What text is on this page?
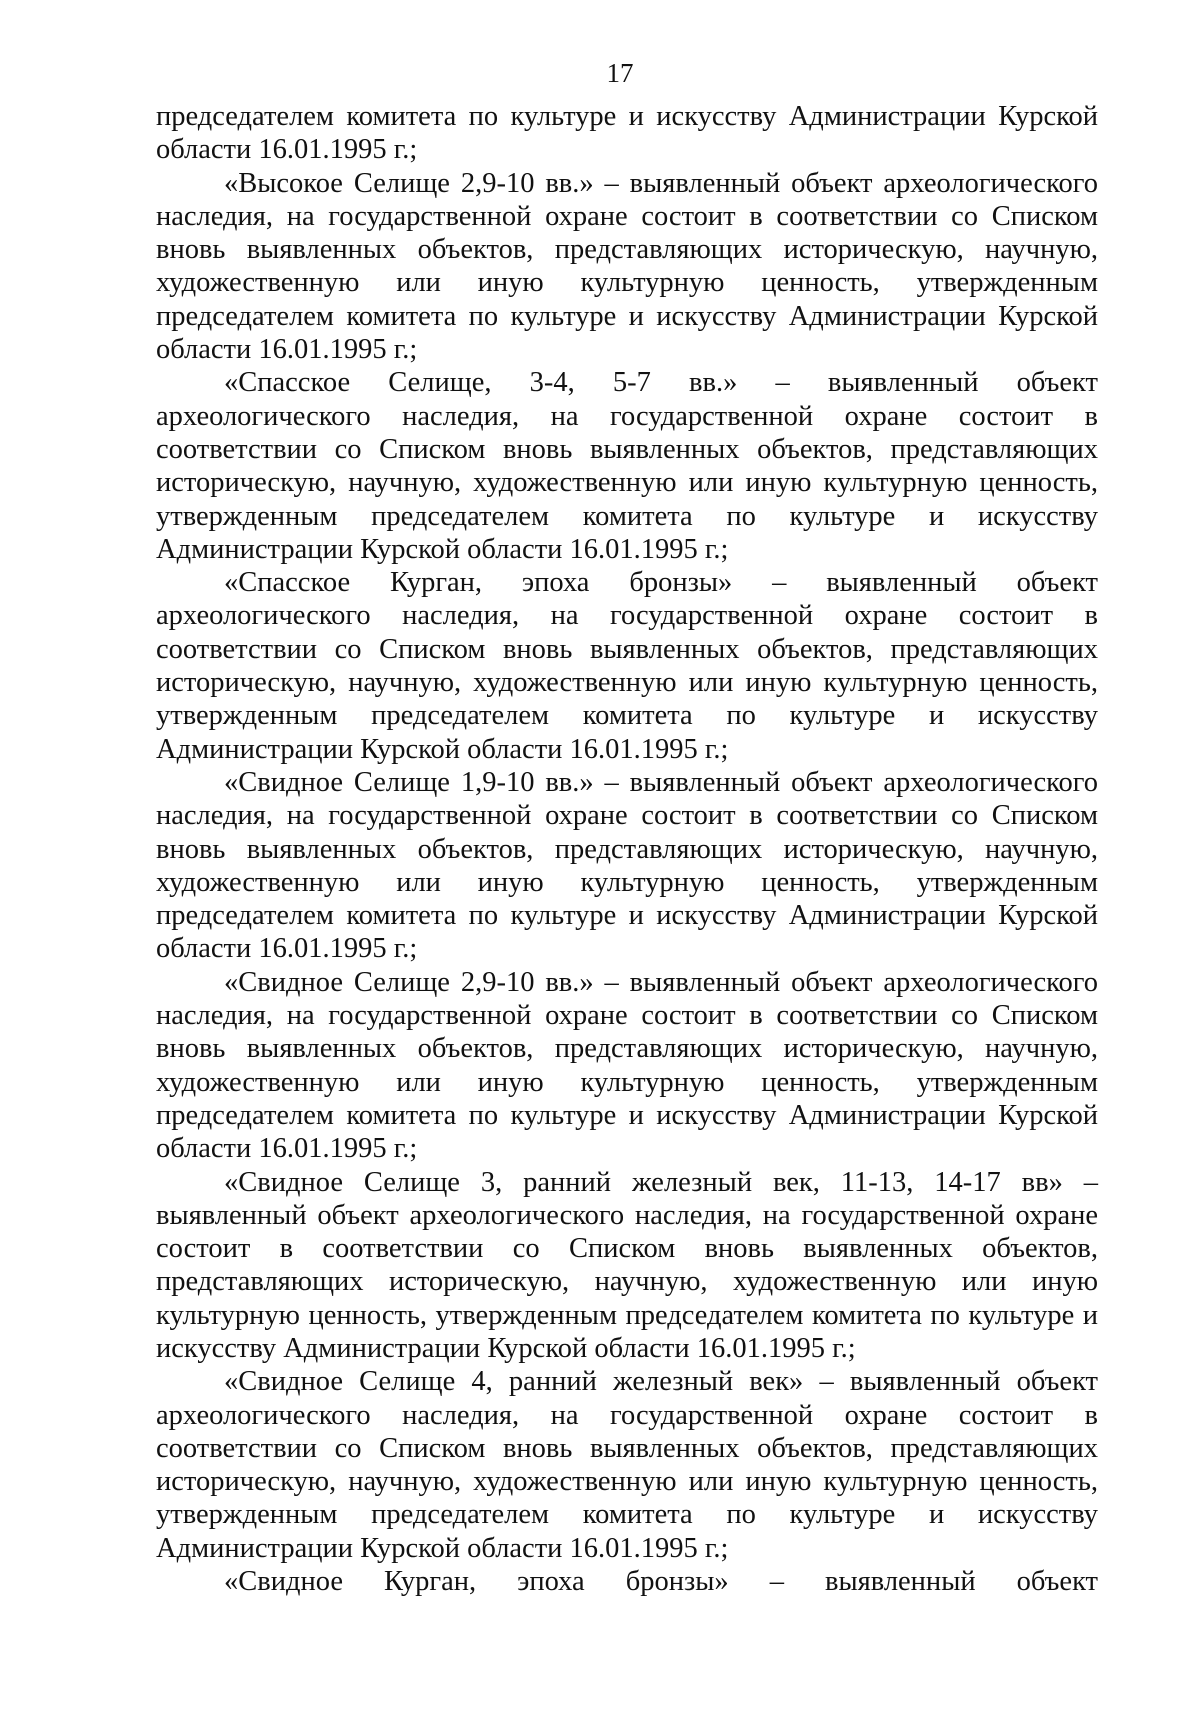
17

председателем комитета по культуре и искусству Администрации Курской области 16.01.1995 г.;

«Высокое Селище 2,9-10 вв.» – выявленный объект археологического наследия, на государственной охране состоит в соответствии со Списком вновь выявленных объектов, представляющих историческую, научную, художественную или иную культурную ценность, утвержденным председателем комитета по культуре и искусству Администрации Курской области 16.01.1995 г.;

«Спасское Селище, 3-4, 5-7 вв.» – выявленный объект археологического наследия, на государственной охране состоит в соответствии со Списком вновь выявленных объектов, представляющих историческую, научную, художественную или иную культурную ценность, утвержденным председателем комитета по культуре и искусству Администрации Курской области 16.01.1995 г.;

«Спасское Курган, эпоха бронзы» – выявленный объект археологического наследия, на государственной охране состоит в соответствии со Списком вновь выявленных объектов, представляющих историческую, научную, художественную или иную культурную ценность, утвержденным председателем комитета по культуре и искусству Администрации Курской области 16.01.1995 г.;

«Свидное Селище 1,9-10 вв.» – выявленный объект археологического наследия, на государственной охране состоит в соответствии со Списком вновь выявленных объектов, представляющих историческую, научную, художественную или иную культурную ценность, утвержденным председателем комитета по культуре и искусству Администрации Курской области 16.01.1995 г.;

«Свидное Селище 2,9-10 вв.» – выявленный объект археологического наследия, на государственной охране состоит в соответствии со Списком вновь выявленных объектов, представляющих историческую, научную, художественную или иную культурную ценность, утвержденным председателем комитета по культуре и искусству Администрации Курской области 16.01.1995 г.;

«Свидное Селище 3, ранний железный век, 11-13, 14-17 вв» – выявленный объект археологического наследия, на государственной охране состоит в соответствии со Списком вновь выявленных объектов, представляющих историческую, научную, художественную или иную культурную ценность, утвержденным председателем комитета по культуре и искусству Администрации Курской области 16.01.1995 г.;

«Свидное Селище 4, ранний железный век» – выявленный объект археологического наследия, на государственной охране состоит в соответствии со Списком вновь выявленных объектов, представляющих историческую, научную, художественную или иную культурную ценность, утвержденным председателем комитета по культуре и искусству Администрации Курской области 16.01.1995 г.;

«Свидное Курган, эпоха бронзы» – выявленный объект
